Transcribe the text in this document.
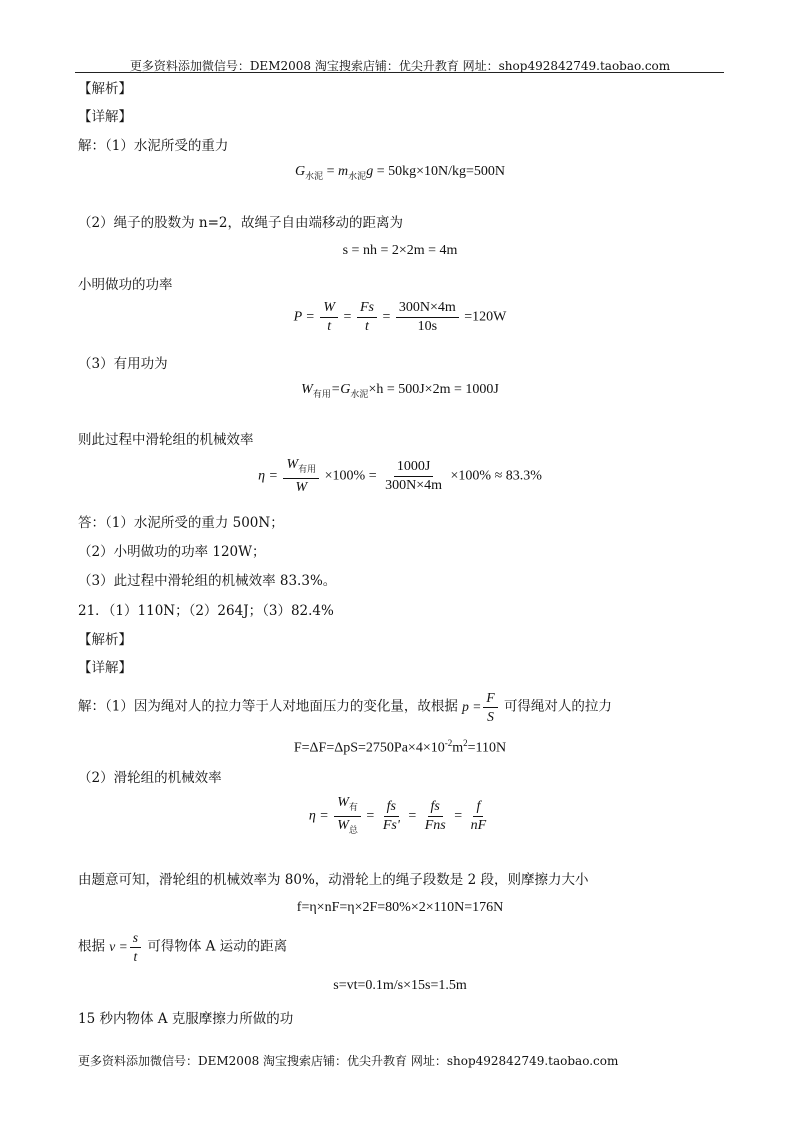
更多资料添加微信号：DEM2008 淘宝搜索店铺：优尖升教育 网址：shop492842749.taobao.com
【解析】
【详解】
解：（1）水泥所受的重力
$G_{水泥} = m_{水泥}g = 50kg\times 10N/kg=500N$
（2）绳子的股数为 n=2，故绳子自由端移动的距离为
s = nh = 2×2m = 4m
小明做功的功率
$P = \frac{W}{t} = \frac{Fs}{t} = \frac{300N\times 4m}{10s} =120W$
（3）有用功为
$W_{有用}=G_{水泥}\times h = 500J\times 2m = 1000J$
则此过程中滑轮组的机械效率
η =
$W_{有用}$
W
$\times 100\% = \frac{1000J}{300N\times 4m} \times 100\% \approx 83.3\%$
答：（1）水泥所受的重力 500N；
（2）小明做功的功率 120W；
（3）此过程中滑轮组的机械效率 83.3%。
21．（1）110N；（2）264J；（3）82.4%
【解析】
【详解】
解：（1）因为绳对人的拉力等于人对地面压力的变化量，故根据 $p = \frac{F}{S}$ 可得绳对人的拉力
$F=\Delta F=\Delta pS=2750Pa\times 4\times 10^{-2}m^2=110N$
（2）滑轮组的机械效率
η =
$W_有$
$W_总$
= $\frac{fs}{Fs'}$ =
fs
Fns
= $\frac{f}{nF}$
由题意可知，滑轮组的机械效率为 80%，动滑轮上的绳子段数是 2 段，则摩擦力大小
f=η×nF=η×2F=80%×2×110N=176N
根据 $v = \frac{s}{t}$ 可得物体 A 运动的距离
s=vt=0.1m/s×15s=1.5m
15 秒内物体 A 克服摩擦力所做的功
更多资料添加微信号：DEM2008 淘宝搜索店铺：优尖升教育 网址：shop492842749.taobao.com
